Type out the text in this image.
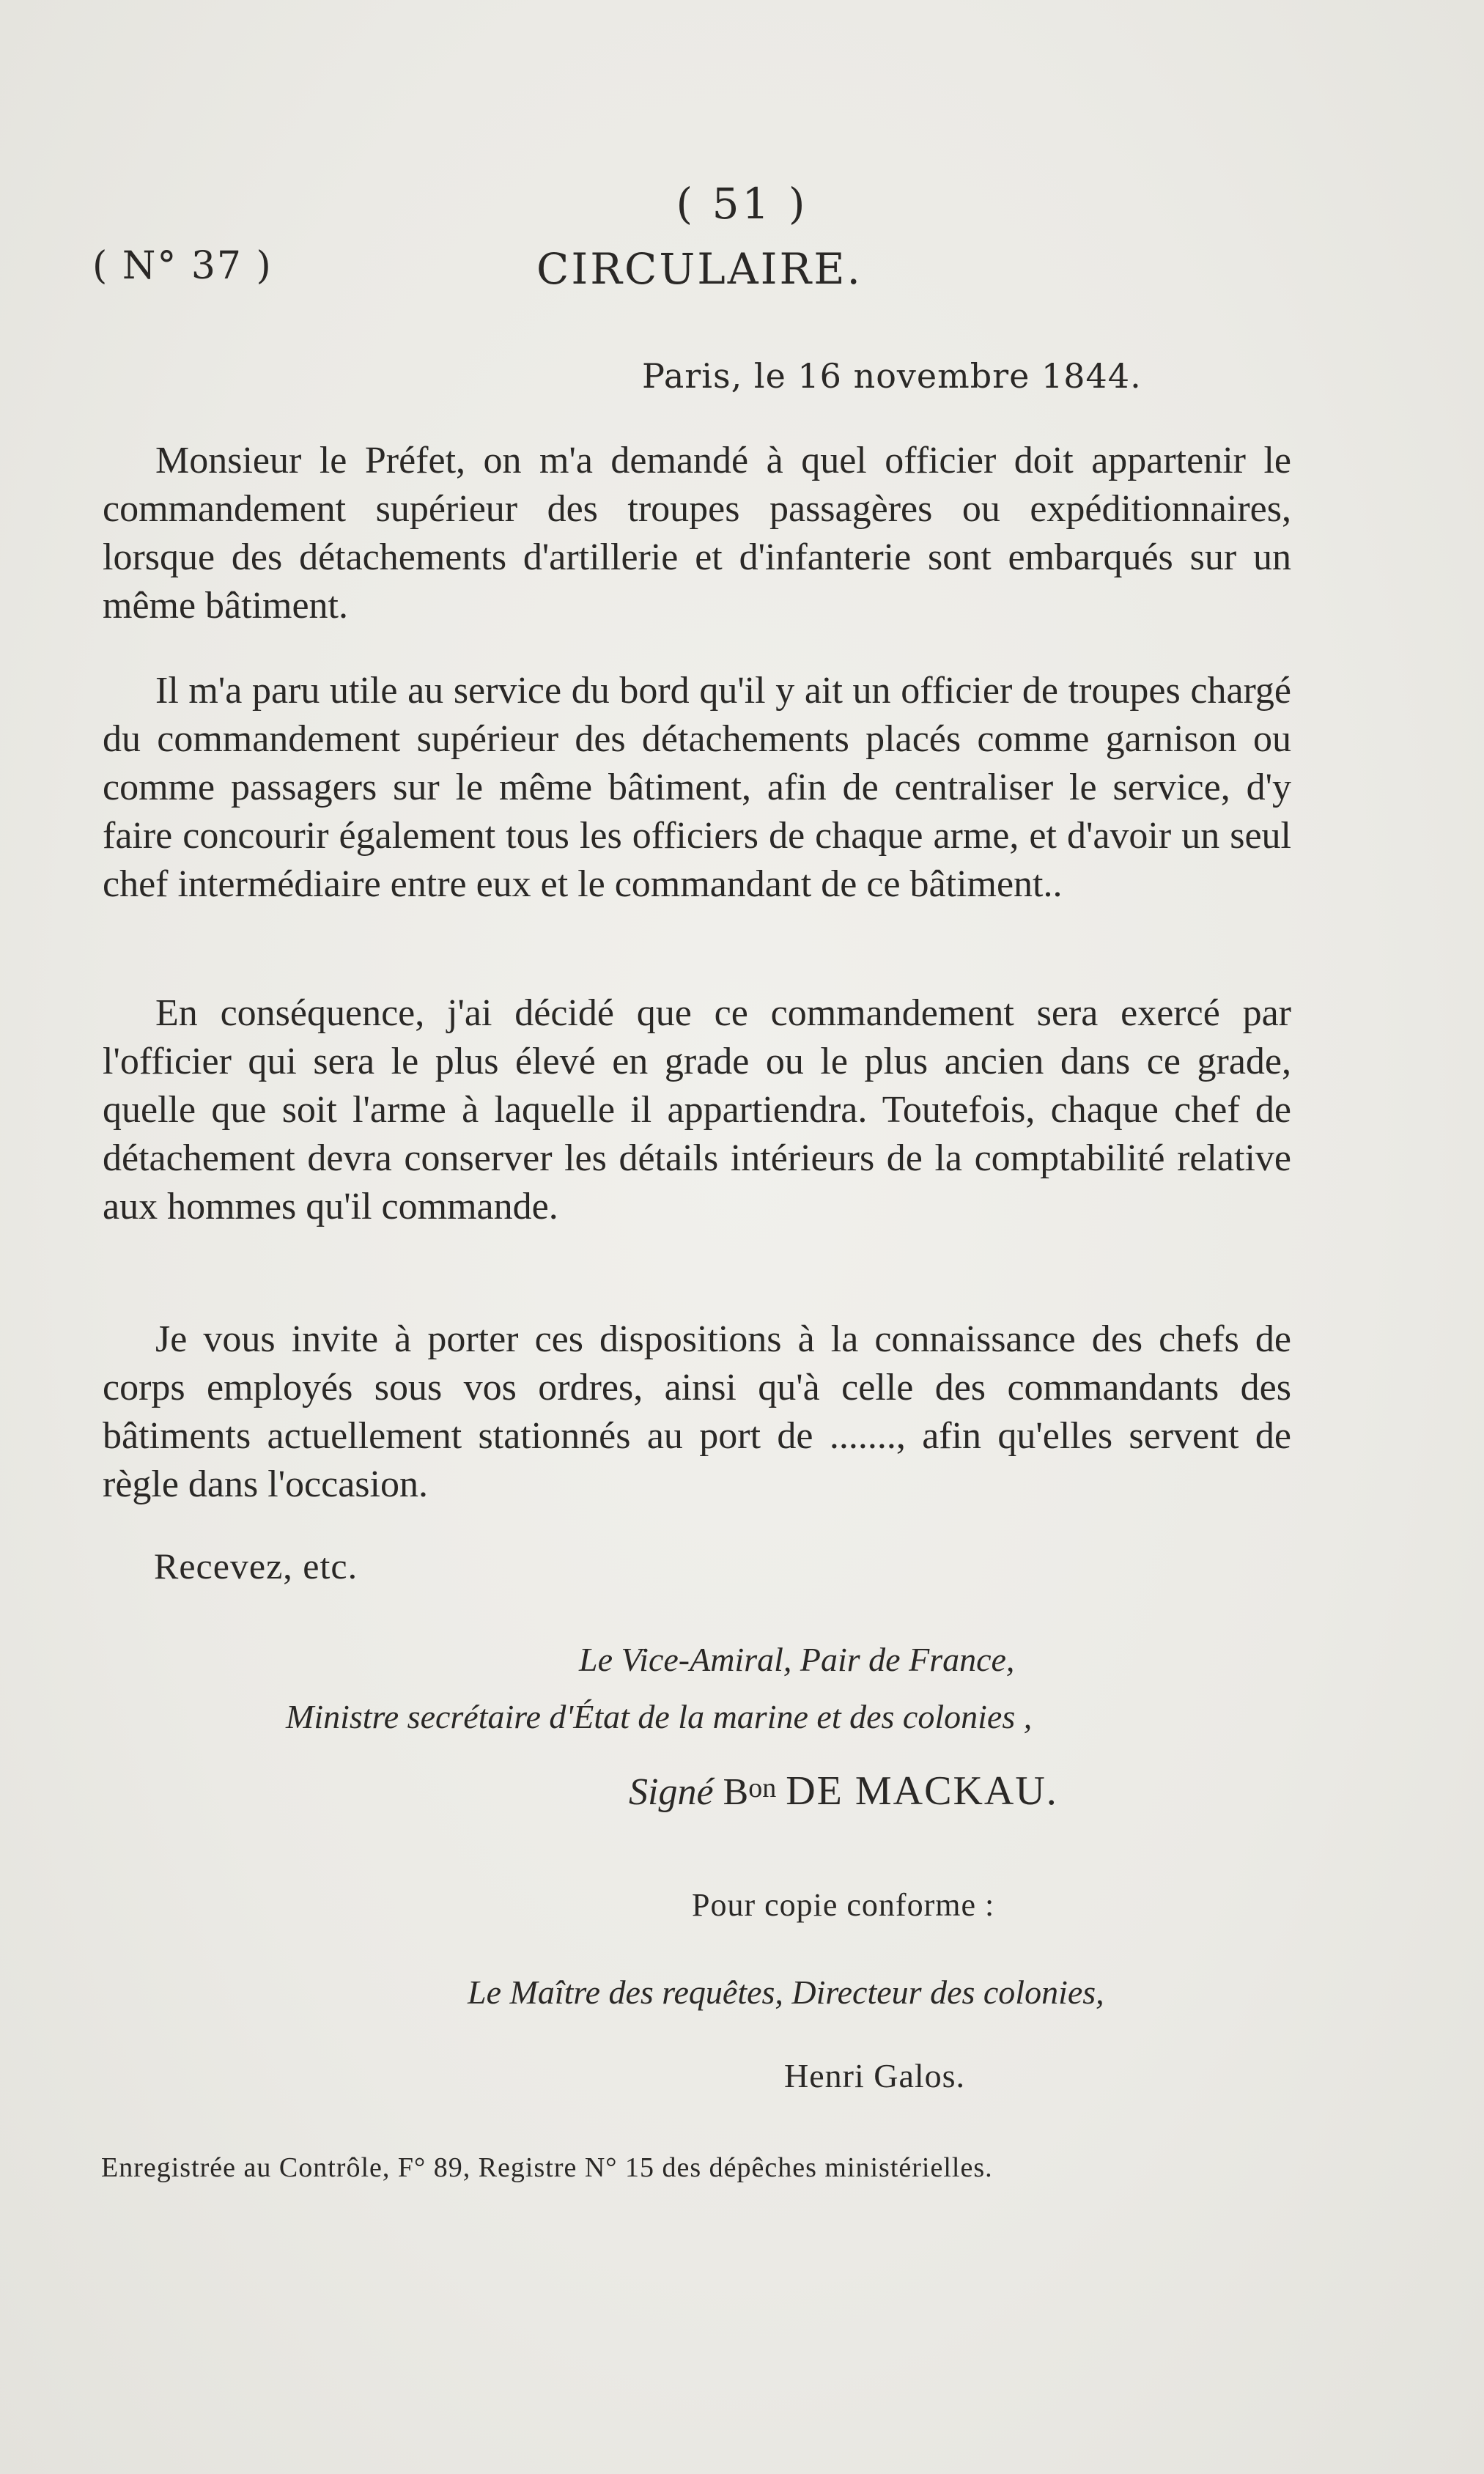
( 51 )
( N° 37 )	CIRCULAIRE.
Paris, le 16 novembre 1844.

Monsieur le Préfet, on m'a demandé à quel officier doit appartenir le commandement supérieur des troupes passagères ou expéditionnaires, lorsque des détachements d'artillerie et d'infanterie sont embarqués sur un même bâtiment.

Il m'a paru utile au service du bord qu'il y ait un officier de troupes chargé du commandement supérieur des détachements placés comme garnison ou comme passagers sur le même bâtiment, afin de centraliser le service, d'y faire concourir également tous les officiers de chaque arme, et d'avoir un seul chef intermédiaire entre eux et le commandant de ce bâtiment..

En conséquence, j'ai décidé que ce commandement sera exercé par l'officier qui sera le plus élevé en grade ou le plus ancien dans ce grade, quelle que soit l'arme à laquelle il appartiendra. Toutefois, chaque chef de détachement devra conserver les détails intérieurs de la comptabilité relative aux hommes qu'il commande.

Je vous invite à porter ces dispositions à la connaissance des chefs de corps employés sous vos ordres, ainsi qu'à celle des commandants des bâtiments actuellement stationnés au port de ......., afin qu'elles servent de règle dans l'occasion.

Recevez, etc.
Le Vice-Amiral, Pair de France,
Ministre secrétaire d'État de la marine et des colonies ,
Signé Bon DE MACKAU.
Pour copie conforme :
Le Maître des requêtes, Directeur des colonies,
Henri Galos.
Enregistrée au Contrôle, F° 89, Registre N° 15 des dépêches ministérielles.
